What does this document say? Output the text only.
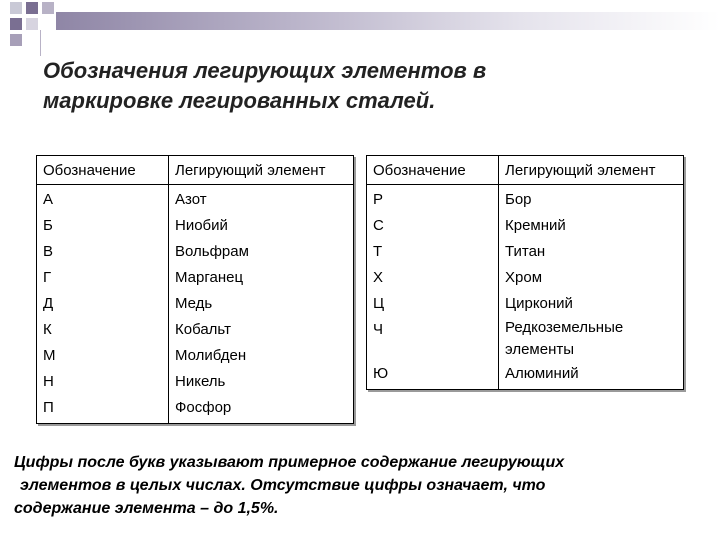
Обозначения легирующих элементов в
маркировке легированных сталей.
Обозначение	Легирующий элемент
А	Азот
Б	Ниобий
В	Вольфрам
Г	Марганец
Д	Медь
К	Кобальт
М	Молибден
Н	Никель
П	Фосфор
Обозначение	Легирующий элемент
Р	Бор
С	Кремний
Т	Титан
Х	Хром
Ц	Цирконий
Ч	Редкоземельные элементы
Ю	Алюминий
Цифры после букв указывают примерное содержание легирующих
элементов в целых числах. Отсутствие цифры означает, что
содержание элемента – до 1,5%.
